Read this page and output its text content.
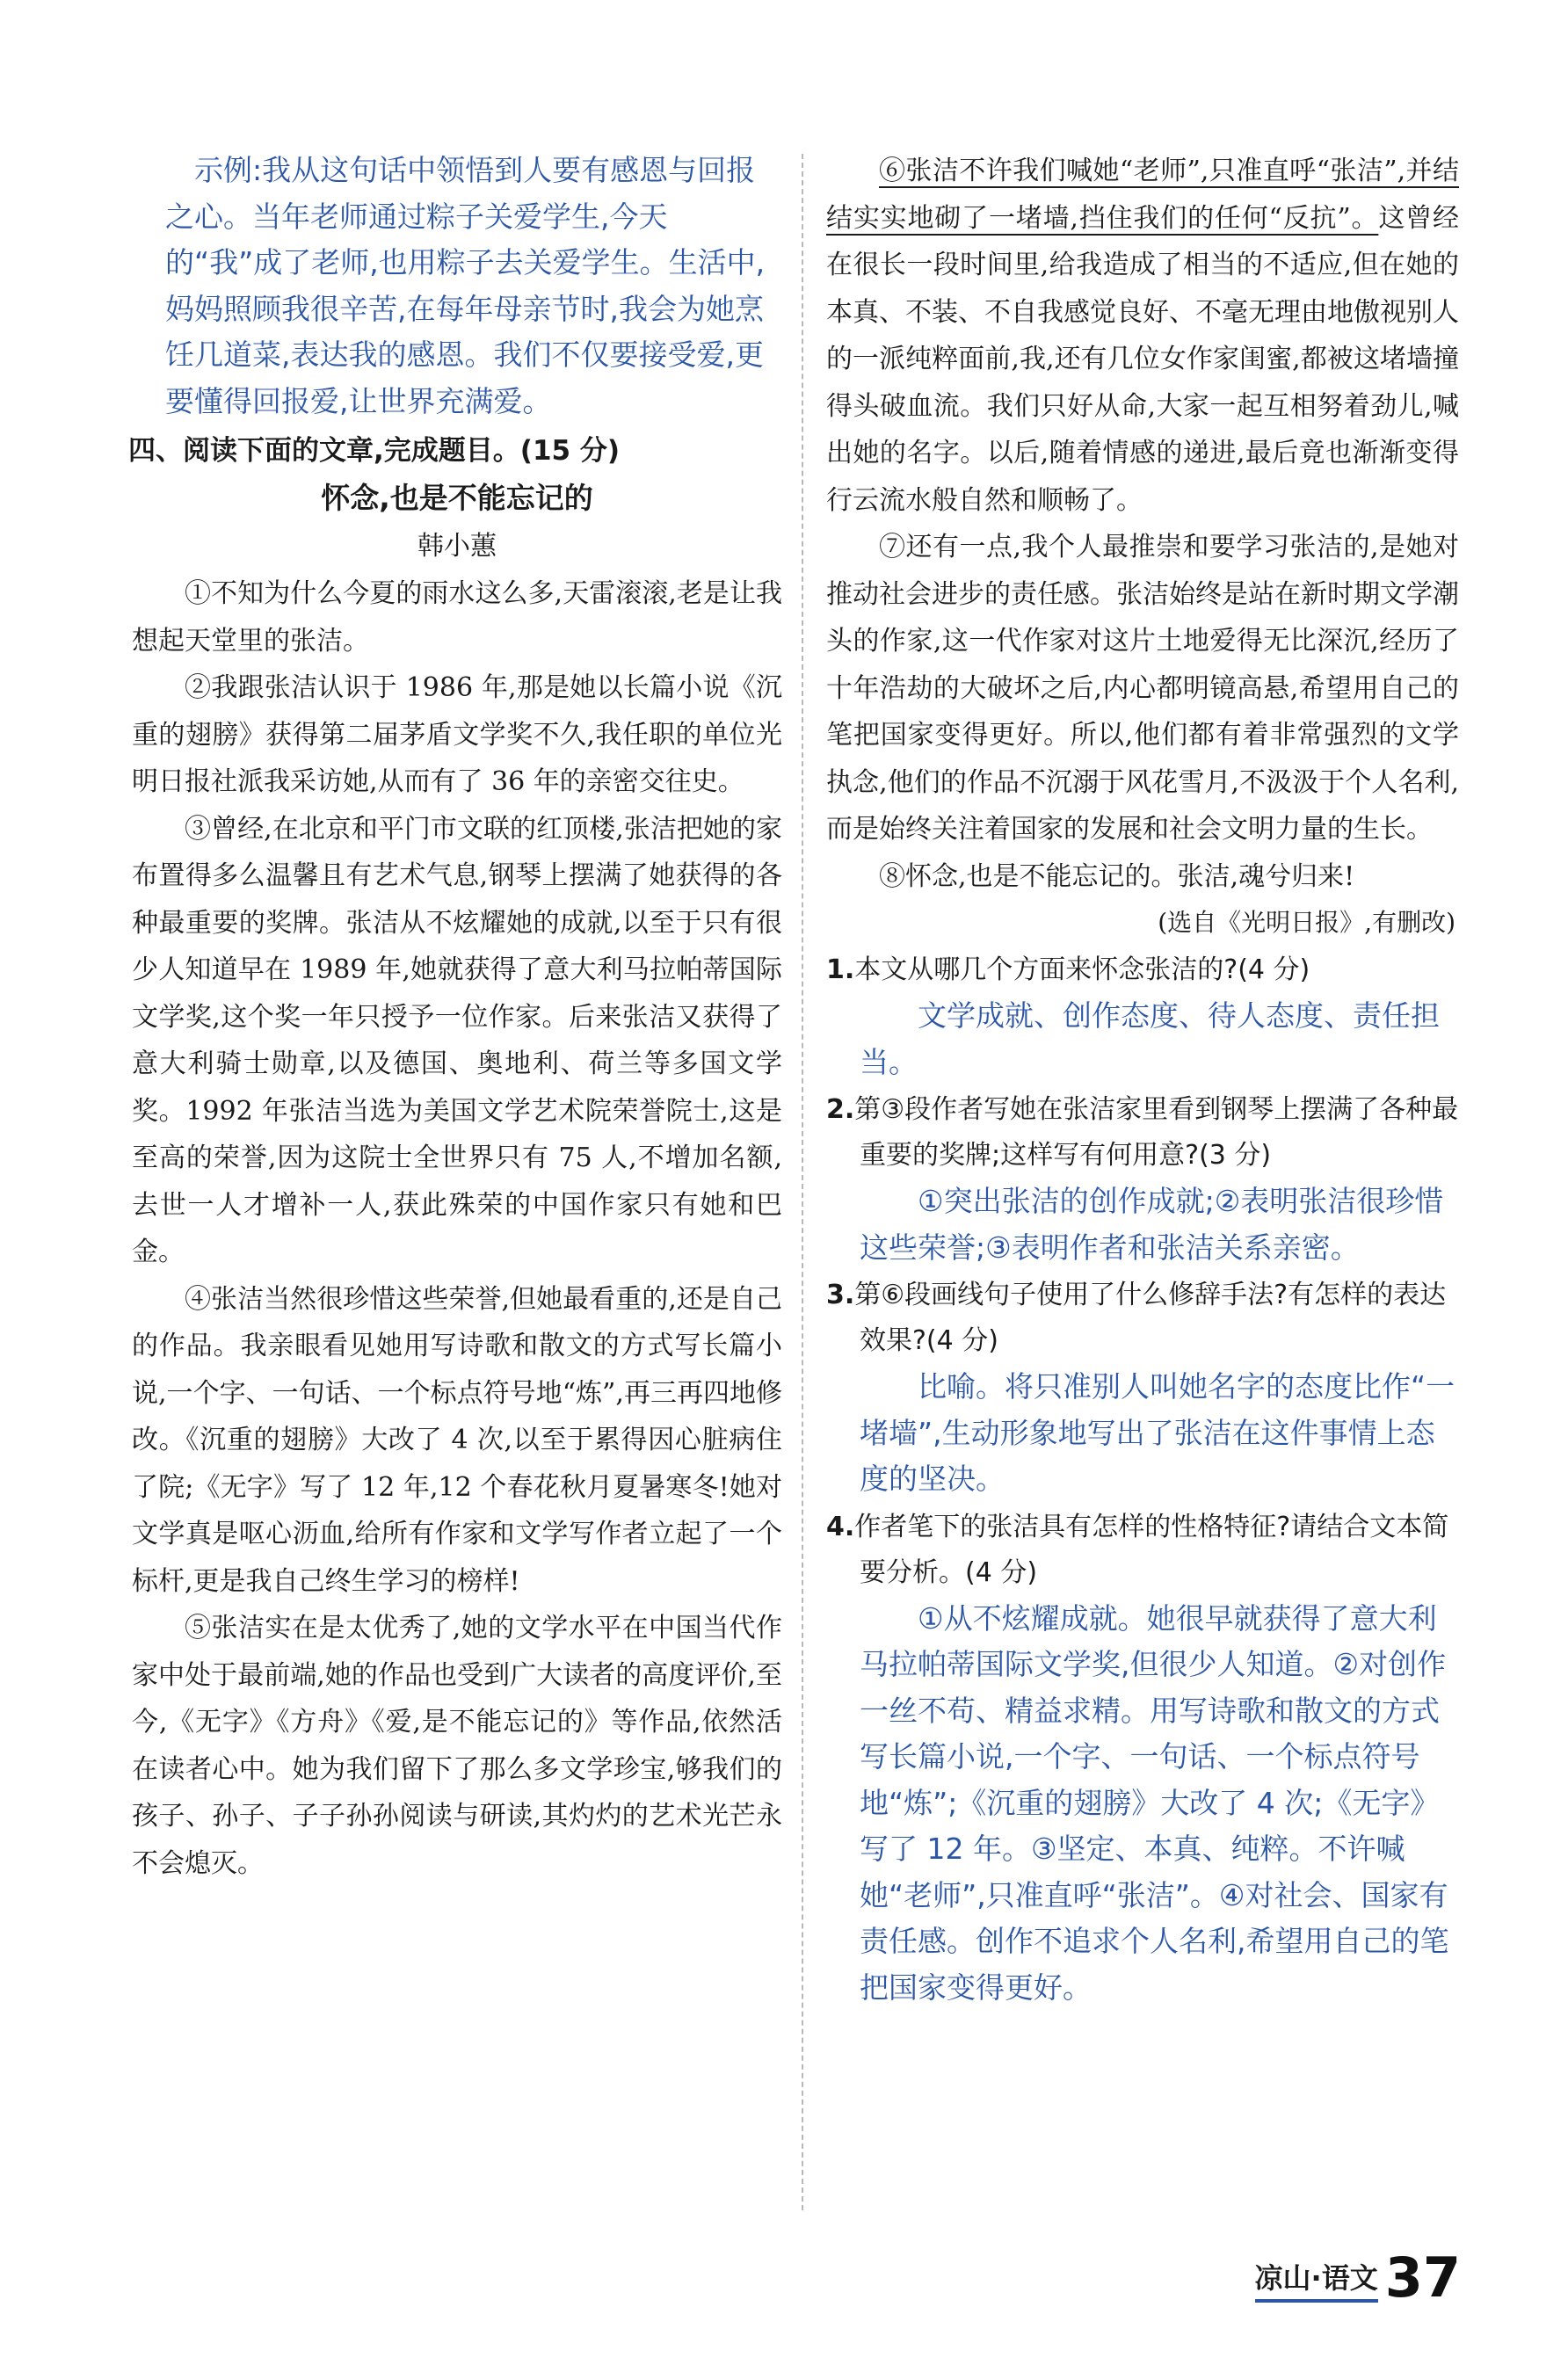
示例:我从这句话中领悟到人要有感恩与回报之心。当年老师通过粽子关爱学生,今天的“我”成了老师,也用粽子去关爱学生。生活中,妈妈照顾我很辛苦,在每年母亲节时,我会为她烹饪几道菜,表达我的感恩。我们不仅要接受爱,更要懂得回报爱,让世界充满爱。

四、阅读下面的文章,完成题目。(15 分)

怀念,也是不能忘记的

韩小蕙

①不知为什么今夏的雨水这么多,天雷滚滚,老是让我想起天堂里的张洁。

②我跟张洁认识于 1986 年,那是她以长篇小说《沉重的翅膀》获得第二届茅盾文学奖不久,我任职的单位光明日报社派我采访她,从而有了 36 年的亲密交往史。

③曾经,在北京和平门市文联的红顶楼,张洁把她的家布置得多么温馨且有艺术气息,钢琴上摆满了她获得的各种最重要的奖牌。张洁从不炫耀她的成就,以至于只有很少人知道早在 1989 年,她就获得了意大利马拉帕蒂国际文学奖,这个奖一年只授予一位作家。后来张洁又获得了意大利骑士勋章,以及德国、奥地利、荷兰等多国文学奖。1992 年张洁当选为美国文学艺术院荣誉院士,这是至高的荣誉,因为这院士全世界只有 75 人,不增加名额,去世一人才增补一人,获此殊荣的中国作家只有她和巴金。

④张洁当然很珍惜这些荣誉,但她最看重的,还是自己的作品。我亲眼看见她用写诗歌和散文的方式写长篇小说,一个字、一句话、一个标点符号地“炼”,再三再四地修改。《沉重的翅膀》大改了 4 次,以至于累得因心脏病住了院;《无字》写了 12 年,12 个春花秋月夏暑寒冬!她对文学真是呕心沥血,给所有作家和文学写作者立起了一个标杆,更是我自己终生学习的榜样!

⑤张洁实在是太优秀了,她的文学水平在中国当代作家中处于最前端,她的作品也受到广大读者的高度评价,至今,《无字》《方舟》《爱,是不能忘记的》等作品,依然活在读者心中。她为我们留下了那么多文学珍宝,够我们的孩子、孙子、子子孙孙阅读与研读,其灼灼的艺术光芒永不会熄灭。

⑥张洁不许我们喊她“老师”,只准直呼“张洁”,并结结实实地砌了一堵墙,挡住我们的任何“反抗”。这曾经在很长一段时间里,给我造成了相当的不适应,但在她的本真、不装、不自我感觉良好、不毫无理由地傲视别人的一派纯粹面前,我,还有几位女作家闺蜜,都被这堵墙撞得头破血流。我们只好从命,大家一起互相努着劲儿,喊出她的名字。以后,随着情感的递进,最后竟也渐渐变得行云流水般自然和顺畅了。

⑦还有一点,我个人最推崇和要学习张洁的,是她对推动社会进步的责任感。张洁始终是站在新时期文学潮头的作家,这一代作家对这片土地爱得无比深沉,经历了十年浩劫的大破坏之后,内心都明镜高悬,希望用自己的笔把国家变得更好。所以,他们都有着非常强烈的文学执念,他们的作品不沉溺于风花雪月,不汲汲于个人名利,而是始终关注着国家的发展和社会文明力量的生长。

⑧怀念,也是不能忘记的。张洁,魂兮归来!

(选自《光明日报》,有删改)

1.本文从哪几个方面来怀念张洁的?(4 分)

文学成就、创作态度、待人态度、责任担当。

2.第③段作者写她在张洁家里看到钢琴上摆满了各种最重要的奖牌;这样写有何用意?(3 分)

①突出张洁的创作成就;②表明张洁很珍惜这些荣誉;③表明作者和张洁关系亲密。

3.第⑥段画线句子使用了什么修辞手法?有怎样的表达效果?(4 分)

比喻。将只准别人叫她名字的态度比作“一堵墙”,生动形象地写出了张洁在这件事情上态度的坚决。

4.作者笔下的张洁具有怎样的性格特征?请结合文本简要分析。(4 分)

①从不炫耀成就。她很早就获得了意大利马拉帕蒂国际文学奖,但很少人知道。②对创作一丝不苟、精益求精。用写诗歌和散文的方式写长篇小说,一个字、一句话、一个标点符号地“炼”;《沉重的翅膀》大改了 4 次;《无字》写了 12 年。③坚定、本真、纯粹。不许喊她“老师”,只准直呼“张洁”。④对社会、国家有责任感。创作不追求个人名利,希望用自己的笔把国家变得更好。

凉山·语文 37
